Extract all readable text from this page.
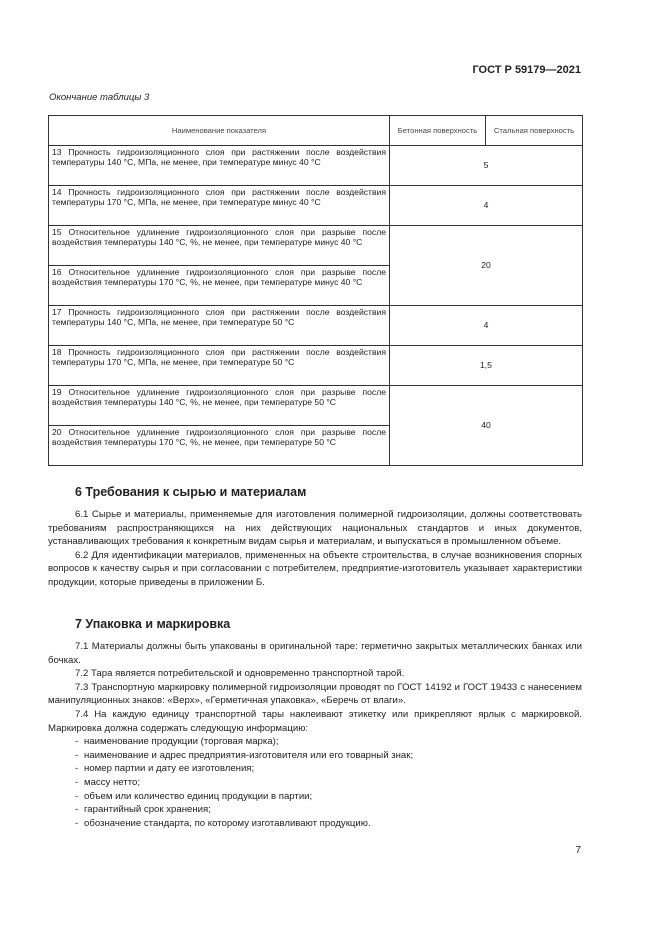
ГОСТ Р 59179—2021
Окончание таблицы 3
Наименование показателя	Бетонная поверхность	Стальная поверхность
13 Прочность гидроизоляционного слоя при растяжении после воздействия температуры 140 °С, МПа, не менее, при температуре минус 40 °С	5	
14 Прочность гидроизоляционного слоя при растяжении после воздействия температуры 170 °С, МПа, не менее, при температуре минус 40 °С	4	
15 Относительное удлинение гидроизоляционного слоя при разрыве после воздействия температуры 140 °С, %, не менее, при температуре минус 40 °С	20	
16 Относительное удлинение гидроизоляционного слоя при разрыве после воздействия температуры 170 °С, %, не менее, при температуре минус 40 °С		
17 Прочность гидроизоляционного слоя при растяжении после воздействия температуры 140 °С, МПа, не менее, при температуре 50 °С	4	
18 Прочность гидроизоляционного слоя при растяжении после воздействия температуры 170 °С, МПа, не менее, при температуре 50 °С	1,5	
19 Относительное удлинение гидроизоляционного слоя при разрыве после воздействия температуры 140 °С, %, не менее, при температуре 50 °С	40	
20 Относительное удлинение гидроизоляционного слоя при разрыве после воздействия температуры 170 °С, %, не менее, при температуре 50 °С		
6 Требования к сырью и материалам

6.1 Сырье и материалы, применяемые для изготовления полимерной гидроизоляции, должны соответствовать требованиям распространяющихся на них действующих национальных стандартов и иных документов, устанавливающих требования к конкретным видам сырья и материалам, и выпускаться в промышленном объеме.

6.2 Для идентификации материалов, примененных на объекте строительства, в случае возникновения спорных вопросов к качеству сырья и при согласовании с потребителем, предприятие-изготовитель указывает характеристики продукции, которые приведены в приложении Б.

7 Упаковка и маркировка

7.1 Материалы должны быть упакованы в оригинальной таре: герметично закрытых металлических банках или бочках.

7.2 Тара является потребительской и одновременно транспортной тарой.

7.3 Транспортную маркировку полимерной гидроизоляции проводят по ГОСТ 14192 и ГОСТ 19433 с нанесением манипуляционных знаков: «Верх», «Герметичная упаковка», «Беречь от влаги».

7.4 На каждую единицу транспортной тары наклеивают этикетку или прикрепляют ярлык с маркировкой. Маркировка должна содержать следующую информацию:

- наименование продукции (торговая марка);
- наименование и адрес предприятия-изготовителя или его товарный знак;
- номер партии и дату ее изготовления;
- массу нетто;
- объем или количество единиц продукции в партии;
- гарантийный срок хранения;
- обозначение стандарта, по которому изготавливают продукцию.
7
